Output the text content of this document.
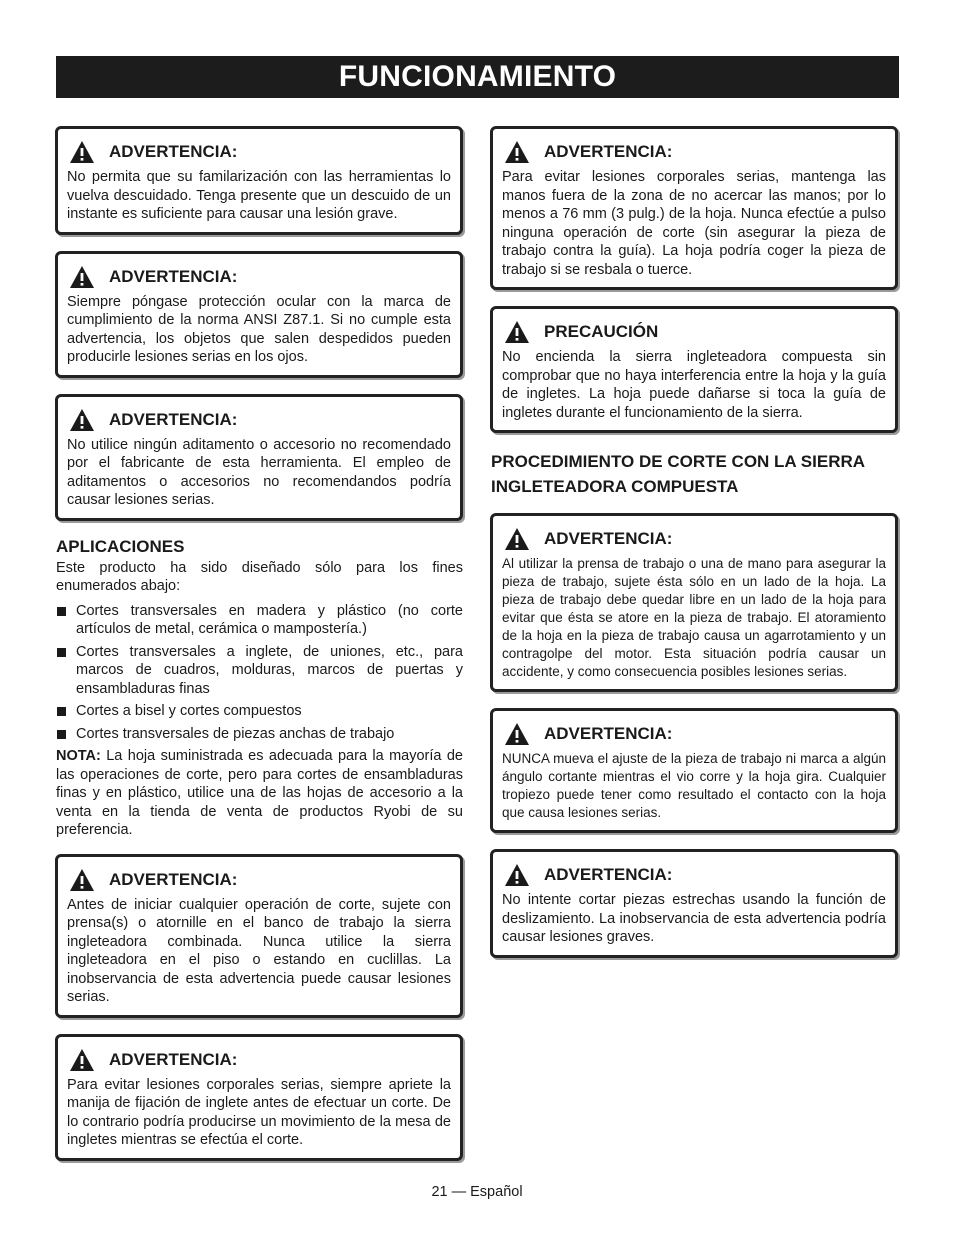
FUNCIONAMIENTO
ADVERTENCIA:

No permita que su familarización con las herramientas lo vuelva descuidado. Tenga presente que un descuido de un instante es suficiente para causar una lesión grave.

ADVERTENCIA:

Siempre póngase protección ocular con la marca de cumplimiento de la norma ANSI Z87.1. Si no cumple esta advertencia, los objetos que salen despedidos pueden producirle lesiones serias en los ojos.

ADVERTENCIA:

No utilice ningún aditamento o accesorio no recomendado por el fabricante de esta herramienta. El empleo de aditamentos o accesorios no recomendandos podría causar lesiones serias.

APLICACIONES

Este producto ha sido diseñado sólo para los fines enumerados abajo:

Cortes transversales en madera y plástico (no corte artículos de metal, cerámica o mampostería.)
Cortes transversales a inglete, de uniones, etc., para marcos de cuadros, molduras, marcos de puertas y ensambladuras finas
Cortes a bisel y cortes compuestos
Cortes transversales de piezas anchas de trabajo

NOTA: La hoja suministrada es adecuada para la mayoría de las operaciones de corte, pero para cortes de ensambladuras finas y en plástico, utilice una de las hojas de accesorio a la venta en la tienda de venta de productos Ryobi de su preferencia.

ADVERTENCIA:

Antes de iniciar cualquier operación de corte, sujete con prensa(s) o atornille en el banco de trabajo la sierra ingleteadora combinada. Nunca utilice la sierra ingleteadora en el piso o estando en cuclillas. La inobservancia de esta advertencia puede causar lesiones serias.

ADVERTENCIA:

Para evitar lesiones corporales serias, siempre apriete la manija de fijación de inglete antes de efectuar un corte. De lo contrario podría producirse un movimiento de la mesa de ingletes mientras se efectúa el corte.

ADVERTENCIA:

Para evitar lesiones corporales serias, mantenga las manos fuera de la zona de no acercar las manos; por lo menos a 76 mm (3 pulg.) de la hoja. Nunca efectúe a pulso ninguna operación de corte (sin asegurar la pieza de trabajo contra la guía). La hoja podría coger la pieza de trabajo si se resbala o tuerce.

PRECAUCIÓN

No encienda la sierra ingleteadora compuesta sin comprobar que no haya interferencia entre la hoja y la guía de ingletes. La hoja puede dañarse si toca la guía de ingletes durante el funcionamiento de la sierra.

PROCEDIMIENTO DE CORTE CON LA SIERRA INGLETEADORA COMPUESTA
ADVERTENCIA:

Al utilizar la prensa de trabajo o una de mano para asegurar la pieza de trabajo, sujete ésta sólo en un lado de la hoja. La pieza de trabajo debe quedar libre en un lado de la hoja para evitar que ésta se atore en la pieza de trabajo. El atoramiento de la hoja en la pieza de trabajo causa un agarrotamiento y un contragolpe del motor. Esta situación podría causar un accidente, y como consecuencia posibles lesiones serias.

ADVERTENCIA:

NUNCA mueva el ajuste de la pieza de trabajo ni marca a algún ángulo cortante mientras el vio corre y la hoja gira. Cualquier tropiezo puede tener como resultado el contacto con la hoja que causa lesiones serias.

ADVERTENCIA:

No intente cortar piezas estrechas usando la función de deslizamiento. La inobservancia de esta advertencia podría causar lesiones graves.

21 — Español
